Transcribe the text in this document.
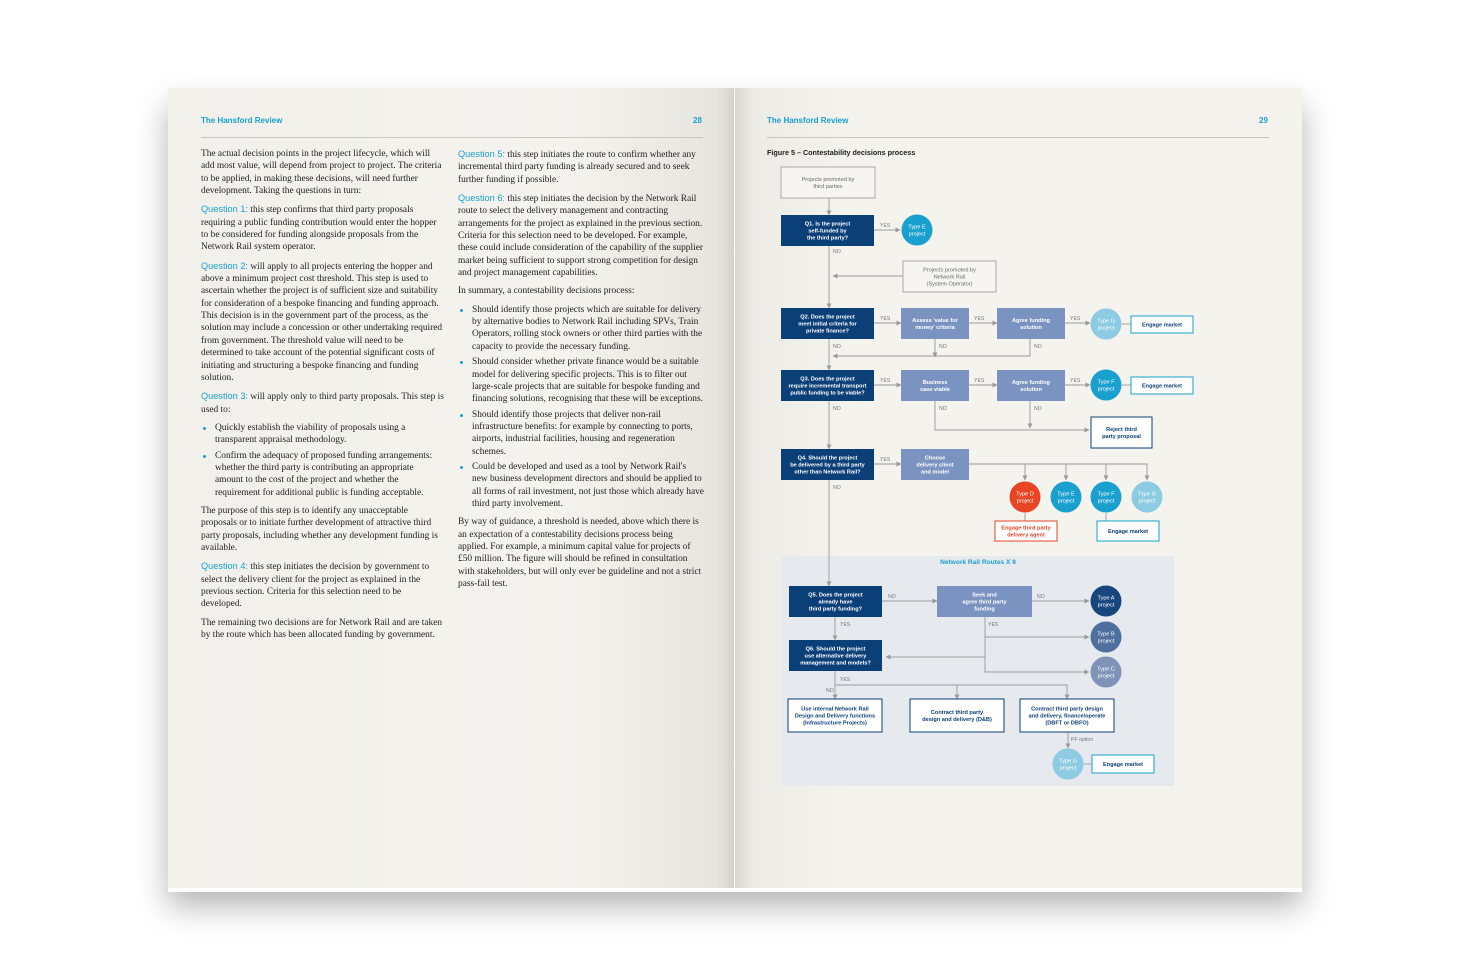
The Hansford Review	28

The actual decision points in the project lifecycle, which will add most value, will depend from project to project. The criteria to be applied, in making these decisions, will need further development. Taking the questions in turn:

Question 1: this step confirms that third party proposals requiring a public funding contribution would enter the hopper to be considered for funding alongside proposals from the Network Rail system operator.

Question 2: will apply to all projects entering the hopper and above a minimum project cost threshold. This step is used to ascertain whether the project is of sufficient size and suitability for consideration of a bespoke financing and funding approach. This decision is in the government part of the process, as the solution may include a concession or other undertaking required from government. The threshold value will need to be determined to take account of the potential significant costs of initiating and structuring a bespoke financing and funding solution.

Question 3: will apply only to third party proposals. This step is used to:

Quickly establish the viability of proposals using a transparent appraisal methodology.
Confirm the adequacy of proposed funding arrangements: whether the third party is contributing an appropriate amount to the cost of the project and whether the requirement for additional public is funding acceptable.

The purpose of this step is to identify any unacceptable proposals or to initiate further development of attractive third party proposals, including whether any development funding is available.

Question 4: this step initiates the decision by government to select the delivery client for the project as explained in the previous section. Criteria for this selection need to be developed.

The remaining two decisions are for Network Rail and are taken by the route which has been allocated funding by government.

Question 5: this step initiates the route to confirm whether any incremental third party funding is already secured and to seek further funding if possible.

Question 6: this step initiates the decision by the Network Rail route to select the delivery management and contracting arrangements for the project as explained in the previous section. Criteria for this selection need to be developed. For example, these could include consideration of the capability of the supplier market being sufficient to support strong competition for design and project management capabilities.

In summary, a contestability decisions process:

Should identify those projects which are suitable for delivery by alternative bodies to Network Rail including SPVs, Train Operators, rolling stock owners or other third parties with the capacity to provide the necessary funding.
Should consider whether private finance would be a suitable model for delivering specific projects. This is to filter out large-scale projects that are suitable for bespoke funding and financing solutions, recognising that these will be exceptions.
Should identify those projects that deliver non-rail infrastructure benefits: for example by connecting to ports, airports, industrial facilities, housing and regeneration schemes.
Could be developed and used as a tool by Network Rail's new business development directors and should be applied to all forms of rail investment, not just those which already have third party involvement.

By way of guidance, a threshold is needed, above which there is an expectation of a contestability decisions process being applied. For example, a minimum capital value for projects of £50 million. The figure will should be refined in consultation with stakeholders, but will only ever be guideline and not a strict pass-fail test.

The Hansford Review	29
Figure 5 – Contestability decisions process
Projects promoted by
third parties
Q1. Is the project
self-funded by
the third party?
Type E
project
Projects promoted by
Network Rail
(System Operator)
Q2. Does the project
meet initial criteria for
private finance?
Assess 'value for
money' criteria
Agree funding
solution
Type G
project	Engage market
Q3. Does the project
require incremental transport
public funding to be viable?
Business
case viable
Agree funding
solution
Type F
project	Engage market
Reject third
party proposal
Q4. Should the project
be delivered by a third party
other than Network Rail?
Choose
delivery client
and model
Type D
project
Type E
project
Type F
project
Type G
project
Engage third party
delivery agent
Engage market
Q5. Does the project
already have
third party funding?
Seek and
agree third party
funding
Type A
project
Type B
project
Type C
project
Q6. Should the project
use alternative delivery
management and models?
Use internal Network Rail
Design and Delivery functions
(Infrastructure Projects)
Contract third party
design and delivery (D&B)
Contract third party design
and delivery, finance/operate
(DBFT or DBFO)
Type G
project
Engage market
YES
NO
YES	YES	YES
NO	NO	NO
YES	YES	YES
NO	NO	NO
YES
NO
NO	NO
YES
YES
NO
YES
PF option
Network Rail Routes X 8
